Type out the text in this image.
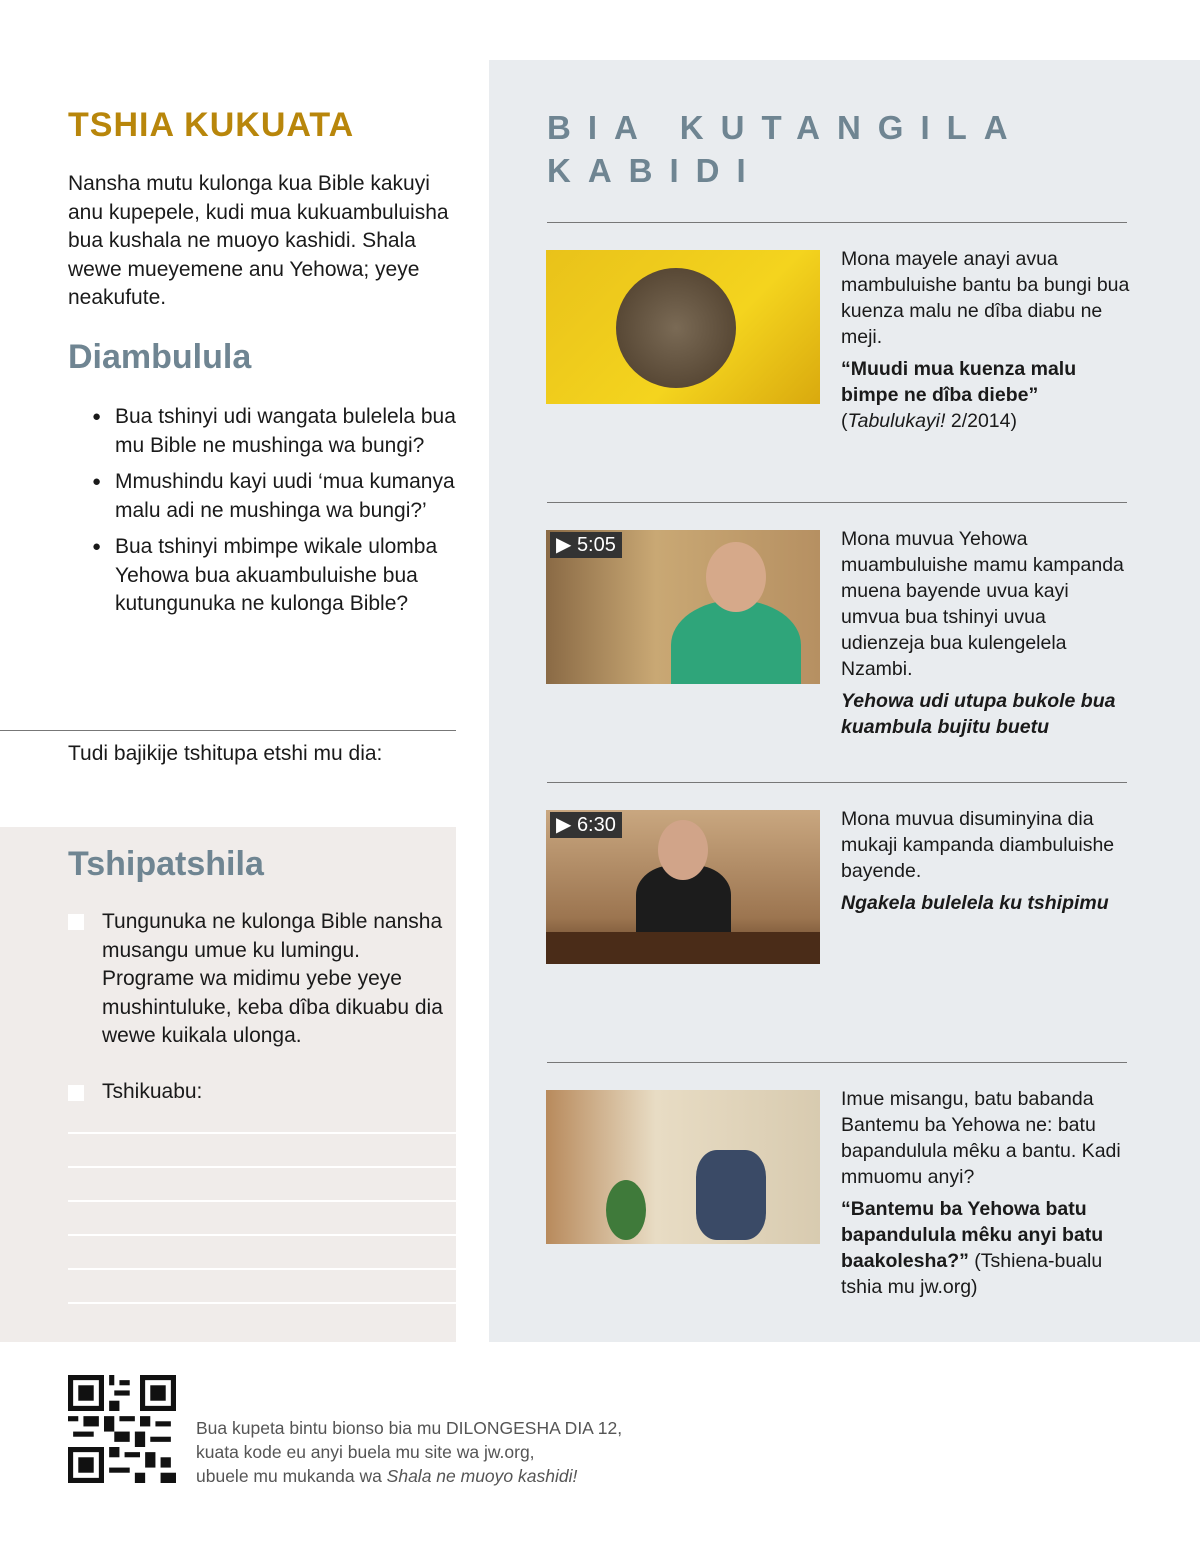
TSHIA KUKUATA

Nansha mutu kulonga kua Bible kakuyi anu kupepele, kudi mua kukuambuluisha bua kushala ne muoyo kashidi. Shala wewe mueyemene anu Yehowa; yeye neakufute.

Diambulula
● Bua tshinyi udi wangata bulelela bua mu Bible ne mushinga wa bungi?
● Mmushindu kayi uudi ‘mua kumanya malu adi ne mushinga wa bungi?’
● Bua tshinyi mbimpe wikale ulomba Yehowa bua akuambuluishe bua kutungunuka ne kulonga Bible?
Tudi bajikije tshitupa etshi mu dia:
Tshipatshila

Tungunuka ne kulonga Bible nansha musangu umue ku lumingu. Programe wa midimu yebe yeye mushintuluke, keba dîba dikuabu dia wewe kuikala ulonga.

Tshikuabu:
BIA KUTANGILA KABIDI
Mona mayele anayi avua mambuluishe bantu ba bungi bua kuenza malu ne dîba diabu ne meji.
“Muudi mua kuenza malu bimpe ne dîba diebe”
(Tabulukayi! 2/2014)
▶ 5:05	Mona muvua Yehowa muambuluishe mamu kampanda muena bayende uvua kayi umvua bua tshinyi uvua udienzeja bua kulengelela Nzambi.
Yehowa udi utupa bukole bua kuambula bujitu buetu
▶ 6:30	Mona muvua disuminyina dia mukaji kampanda diambuluishe bayende.
Ngakela bulelela ku tshipimu
Imue misangu, batu babanda Bantemu ba Yehowa ne: batu bapandulula mêku a bantu. Kadi mmuomu anyi?
“Bantemu ba Yehowa batu bapandulula mêku anyi batu baakolesha?” (Tshiena-bualu tshia mu jw.org)
Bua kupeta bintu bionso bia mu DILONGESHA DIA 12,
kuata kode eu anyi buela mu site wa jw.org,
ubuele mu mukanda wa Shala ne muoyo kashidi!
